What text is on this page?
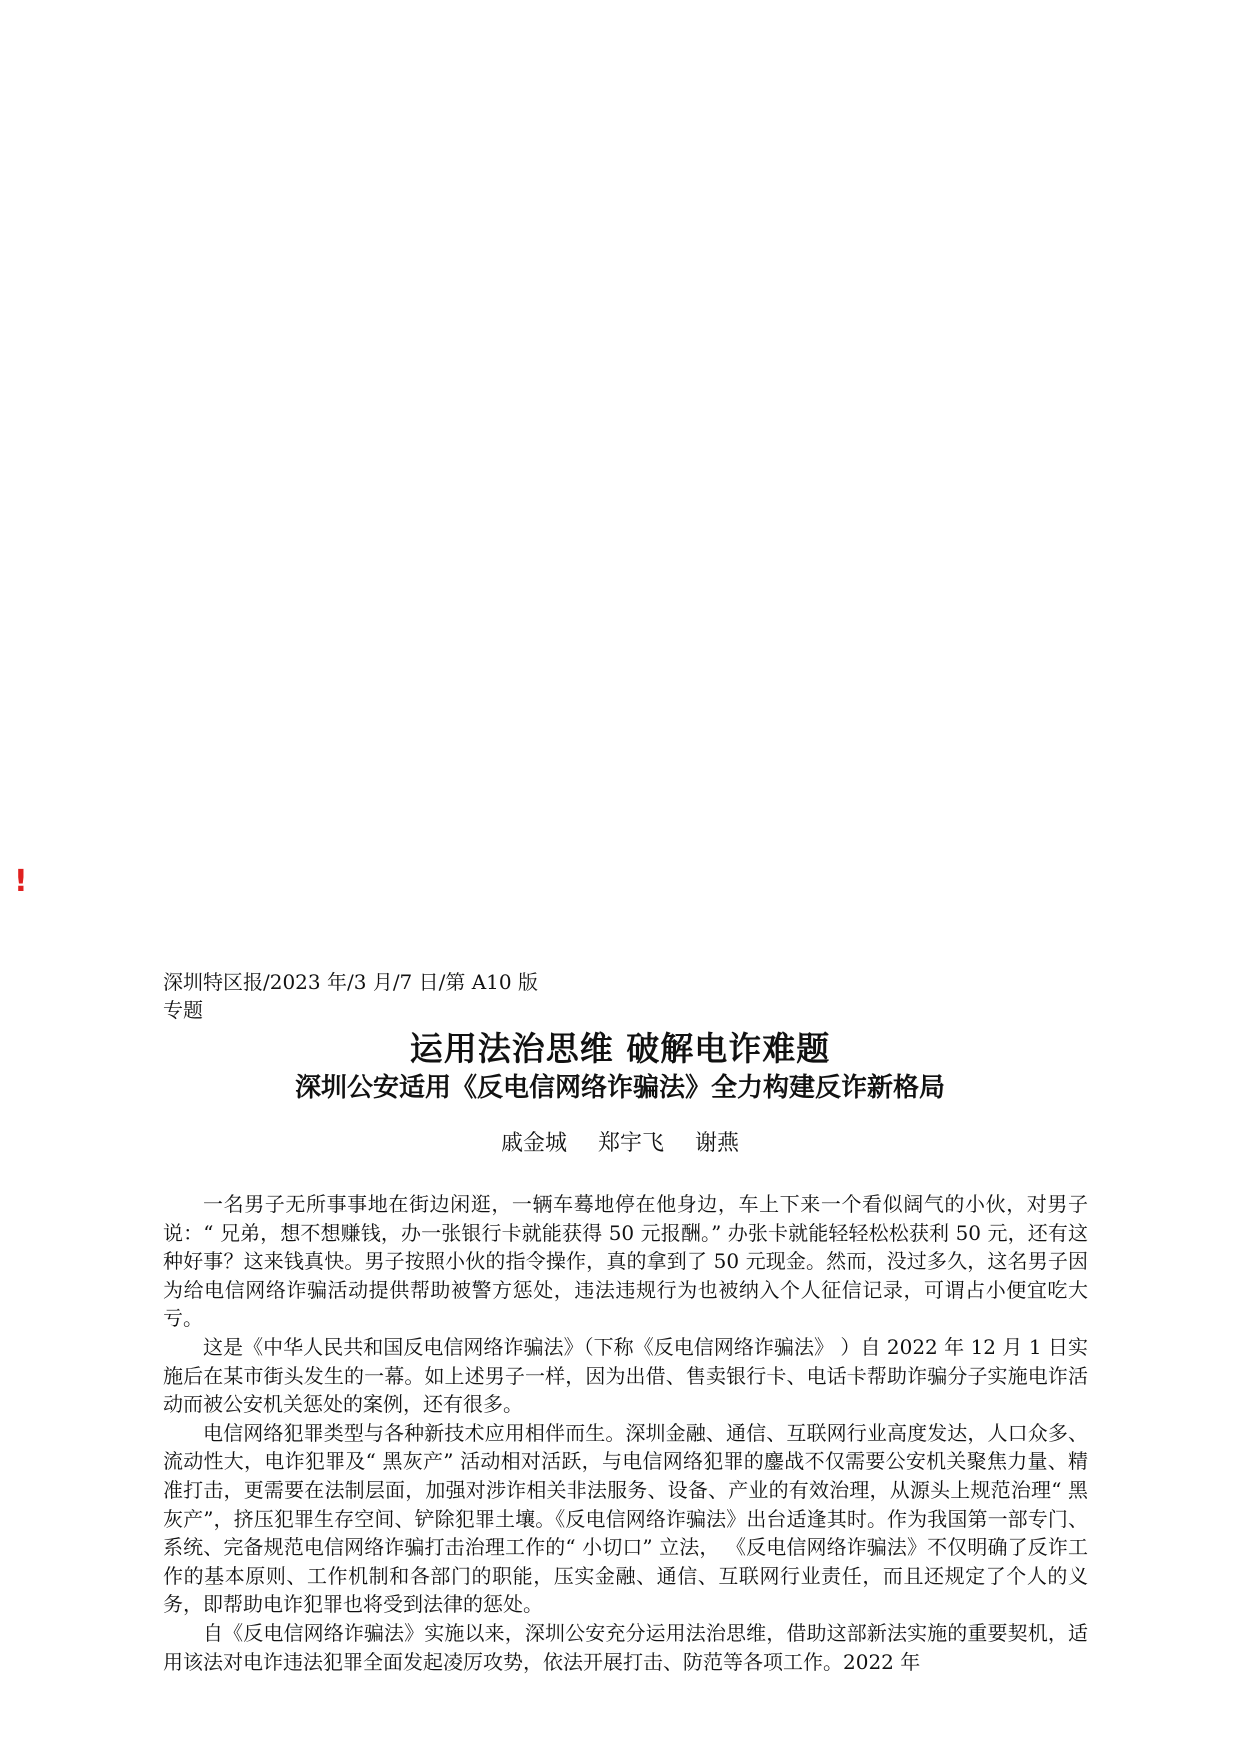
!
深圳特区报/2023 年/3 月/7 日/第 A10 版专题
运用法治思维 破解电诈难题
深圳公安适用《反电信网络诈骗法》全力构建反诈新格局
戚金城 郑宇飞 谢燕

一名男子无所事事地在街边闲逛，一辆车蓦地停在他身边，车上下来一个看似阔气的小伙，对男子说：“ 兄弟，想不想赚钱，办一张银行卡就能获得 50 元报酬。” 办张卡就能轻轻松松获利 50 元，还有这种好事？这来钱真快。男子按照小伙的指令操作，真的拿到了 50 元现金。然而，没过多久，这名男子因为给电信网络诈骗活动提供帮助被警方惩处，违法违规行为也被纳入个人征信记录，可谓占小便宜吃大亏。

这是《中华人民共和国反电信网络诈骗法》（下称《反电信网络诈骗法》 ）自 2022 年 12 月 1 日实施后在某市街头发生的一幕。如上述男子一样，因为出借、售卖银行卡、电话卡帮助诈骗分子实施电诈活动而被公安机关惩处的案例，还有很多。

电信网络犯罪类型与各种新技术应用相伴而生。深圳金融、通信、互联网行业高度发达，人口众多、流动性大，电诈犯罪及“ 黑灰产” 活动相对活跃，与电信网络犯罪的鏖战不仅需要公安机关聚焦力量、精准打击，更需要在法制层面，加强对涉诈相关非法服务、设备、产业的有效治理，从源头上规范治理“ 黑灰产”，挤压犯罪生存空间、铲除犯罪土壤。《反电信网络诈骗法》出台适逢其时。作为我国第一部专门、系统、完备规范电信网络诈骗打击治理工作的“ 小切口” 立法， 《反电信网络诈骗法》不仅明确了反诈工作的基本原则、工作机制和各部门的职能，压实金融、通信、互联网行业责任，而且还规定了个人的义务，即帮助电诈犯罪也将受到法律的惩处。

自《反电信网络诈骗法》实施以来，深圳公安充分运用法治思维，借助这部新法实施的重要契机，适用该法对电诈违法犯罪全面发起凌厉攻势，依法开展打击、防范等各项工作。2022 年
